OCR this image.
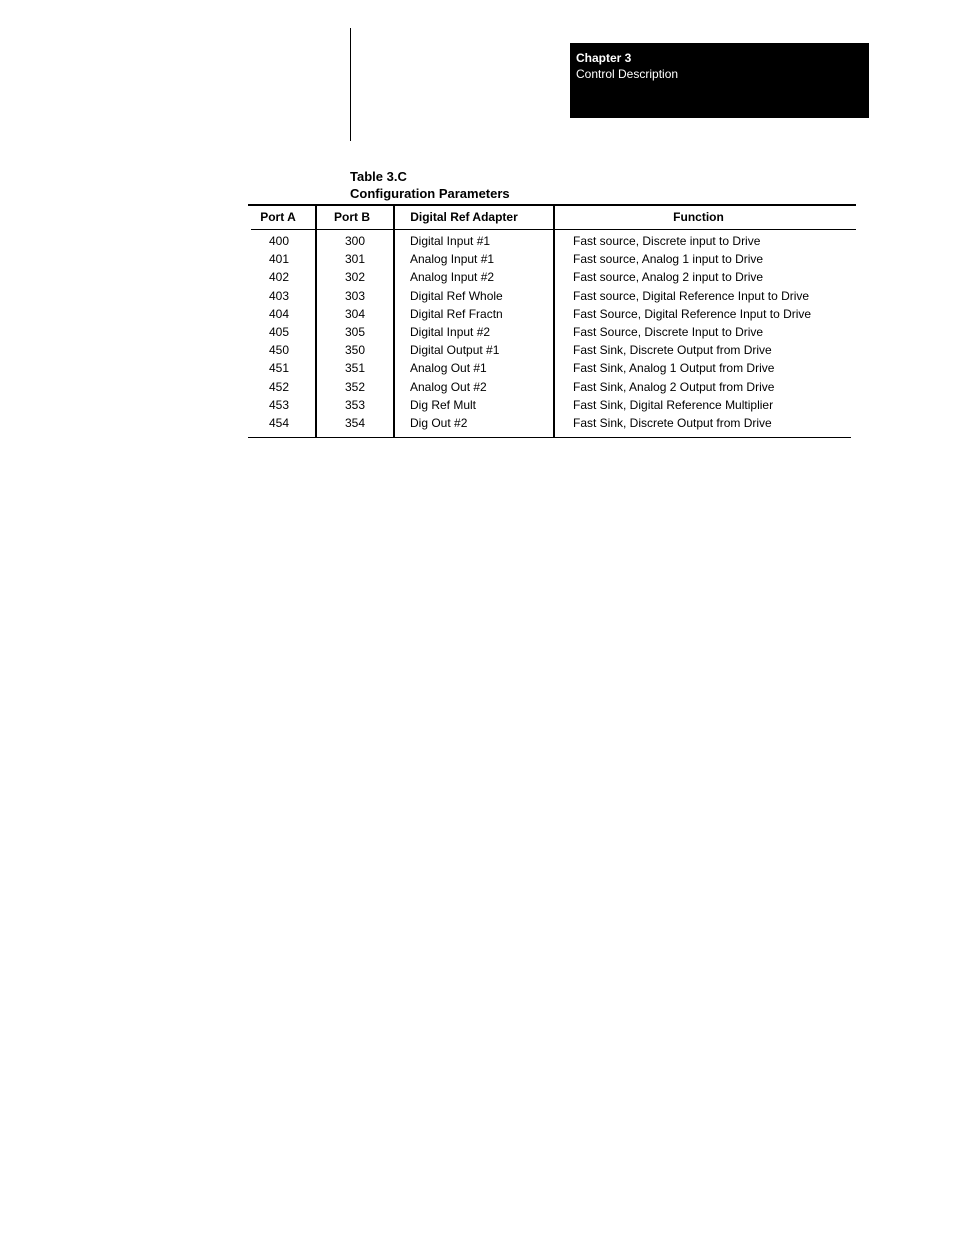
Chapter 3
Control Description
Table 3.C
Configuration Parameters
Port A	Port B	Digital Ref Adapter	Function
400	300	Digital Input #1	Fast source, Discrete input to Drive
401	301	Analog Input #1	Fast source, Analog 1 input to Drive
402	302	Analog Input #2	Fast source, Analog 2 input to Drive
403	303	Digital Ref Whole	Fast source, Digital Reference Input to Drive
404	304	Digital Ref Fractn	Fast Source, Digital Reference Input to Drive
405	305	Digital Input #2	Fast Source, Discrete Input to Drive
450	350	Digital Output #1	Fast Sink, Discrete Output from Drive
451	351	Analog Out #1	Fast Sink, Analog 1 Output from Drive
452	352	Analog Out #2	Fast Sink, Analog 2 Output from Drive
453	353	Dig Ref Mult	Fast Sink, Digital Reference Multiplier
454	354	Dig Out #2	Fast Sink, Discrete Output from Drive
